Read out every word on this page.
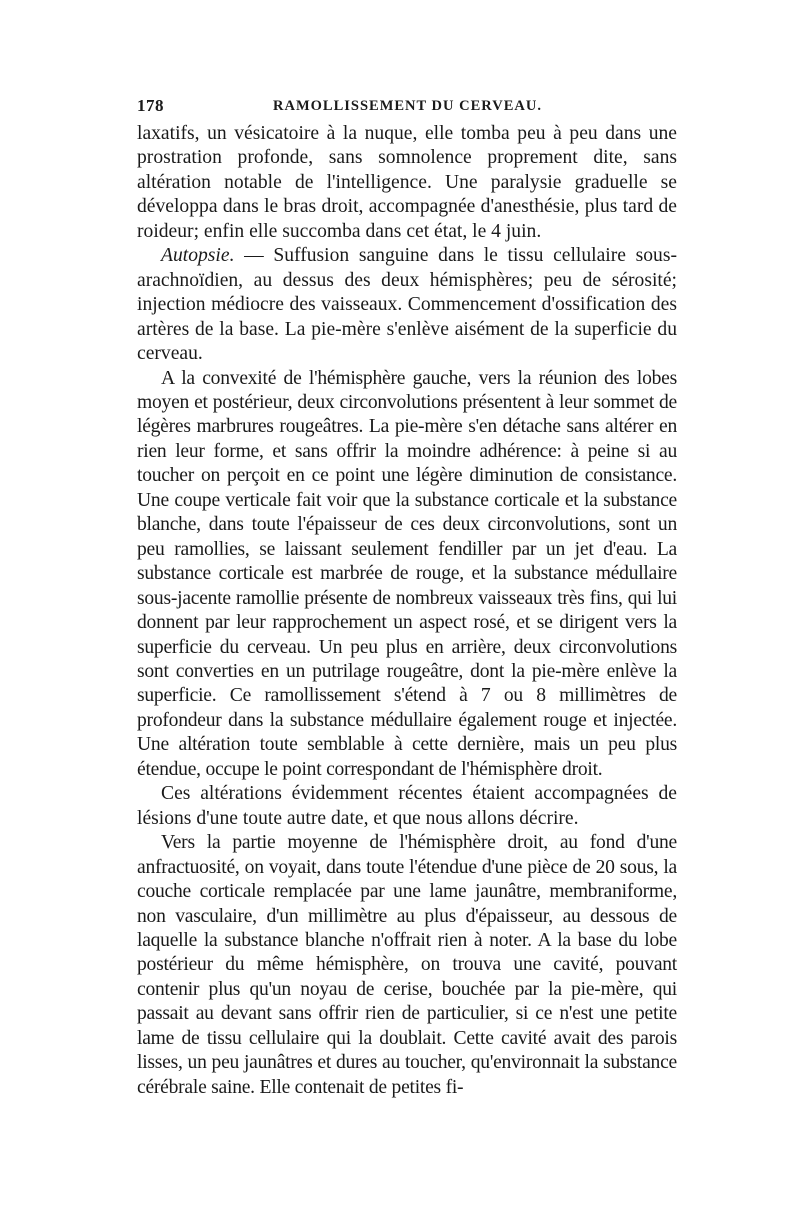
178	RAMOLLISSEMENT DU CERVEAU.

laxatifs, un vésicatoire à la nuque, elle tomba peu à peu dans une prostration profonde, sans somnolence proprement dite, sans altération notable de l'intelligence. Une paralysie graduelle se développa dans le bras droit, accompagnée d'anesthésie, plus tard de roideur; enfin elle succomba dans cet état, le 4 juin.

Autopsie. — Suffusion sanguine dans le tissu cellulaire sous-arachnoïdien, au dessus des deux hémisphères; peu de sérosité; injection médiocre des vaisseaux. Commencement d'ossification des artères de la base. La pie-mère s'enlève aisément de la superficie du cerveau.

A la convexité de l'hémisphère gauche, vers la réunion des lobes moyen et postérieur, deux circonvolutions présentent à leur sommet de légères marbrures rougeâtres. La pie-mère s'en détache sans altérer en rien leur forme, et sans offrir la moindre adhérence: à peine si au toucher on perçoit en ce point une légère diminution de consistance. Une coupe verticale fait voir que la substance corticale et la substance blanche, dans toute l'épaisseur de ces deux circonvolutions, sont un peu ramollies, se laissant seulement fendiller par un jet d'eau. La substance corticale est marbrée de rouge, et la substance médullaire sous-jacente ramollie présente de nombreux vaisseaux très fins, qui lui donnent par leur rapprochement un aspect rosé, et se dirigent vers la superficie du cerveau. Un peu plus en arrière, deux circonvolutions sont converties en un putrilage rougeâtre, dont la pie-mère enlève la superficie. Ce ramollissement s'étend à 7 ou 8 millimètres de profondeur dans la substance médullaire également rouge et injectée. Une altération toute semblable à cette dernière, mais un peu plus étendue, occupe le point correspondant de l'hémisphère droit.

Ces altérations évidemment récentes étaient accompagnées de lésions d'une toute autre date, et que nous allons décrire.

Vers la partie moyenne de l'hémisphère droit, au fond d'une anfractuosité, on voyait, dans toute l'étendue d'une pièce de 20 sous, la couche corticale remplacée par une lame jaunâtre, membraniforme, non vasculaire, d'un millimètre au plus d'épaisseur, au dessous de laquelle la substance blanche n'offrait rien à noter. A la base du lobe postérieur du même hémisphère, on trouva une cavité, pouvant contenir plus qu'un noyau de cerise, bouchée par la pie-mère, qui passait au devant sans offrir rien de particulier, si ce n'est une petite lame de tissu cellulaire qui la doublait. Cette cavité avait des parois lisses, un peu jaunâtres et dures au toucher, qu'environnait la substance cérébrale saine. Elle contenait de petites fi-
